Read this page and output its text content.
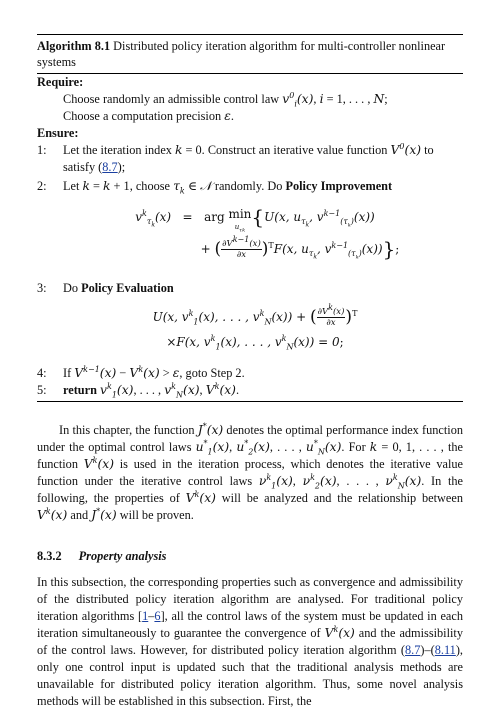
Algorithm 8.1 Distributed policy iteration algorithm for multi-controller nonlinear systems
Require:
Choose randomly an admissible control law $v^0_i(x)$, i = 1, . . . , N;
Choose a computation precision ε.
Ensure:
1:	Let the iteration index k = 0. Construct an iterative value function $V^0(x)$ to satisfy (8.7);
2:	Let k = k + 1, choose $\tau_k$ ∈ 𝒩 randomly. Do Policy Improvement
$v^k_{\tau_k}(x)$   =   arg min
$u_{\tau k}\{U(x$, $u_{\tau_k}$, $v^{k-1}_{(\tau_k)}(x)$)
+ ( $\frac{\partial V^{k-1}(x)}{\partial x} )^TF(x$, $u_{\tau_k}$, $v^{k-1}_{(\tau_k)}(x)$)};
3:	Do Policy Evaluation
U(x, $v^k_1(x)$, . . . , $v^k_N(x)$) + ( $\frac{\partial V^k(x)}{\partial x} )^T$
×F(x, $v^k_1(x)$, . . . , $v^k_N(x)) = 0$;
4:	If $V^{k-1}(x) - V^k(x) > \varepsilon$, goto Step 2.
5:	return $v^k_1(x)$, . . . , $v^k_N(x)$, $V^k(x)$.

In this chapter, the function J*(x) denotes the optimal performance index function under the optimal control laws $u^*_1(x)$, $u^*_2(x)$, . . . , $u^*_N(x)$. For k = 0, 1, . . . , the function $V^k(x)$ is used in the iteration process, which denotes the iterative value function under the iterative control laws $\nu^k_1(x)$, $\nu^k_2(x)$, . . . , $\nu^k_N(x)$. In the following, the properties of $V^k(x)$ will be analyzed and the relationship between $V^k(x)$ and J*(x) will be proven.

8.3.2 Property analysis

In this subsection, the corresponding properties such as convergence and admissibility of the distributed policy iteration algorithm are analysed. For traditional policy iteration algorithms [1–6], all the control laws of the system must be updated in each iteration simultaneously to guarantee the convergence of $V^k(x)$ and the admissibility of the control laws. However, for distributed policy iteration algorithm (8.7)–(8.11), only one control input is updated such that the traditional analysis methods are unavailable for distributed policy iteration algorithm. Thus, some novel analysis methods will be established in this subsection. First, the
